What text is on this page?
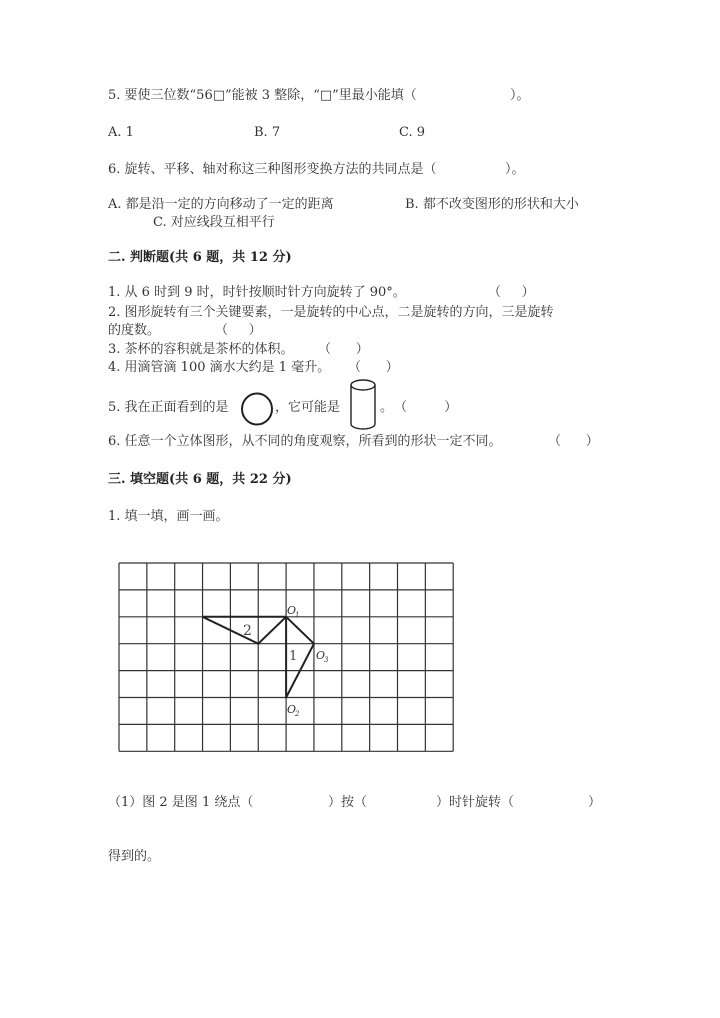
5. 要使三位数“56□”能被 3 整除，“□”里最小能填（	）。
A. 1	B. 7	C. 9
6. 旋转、平移、轴对称这三种图形变换方法的共同点是（	）。
A. 都是沿一定的方向移动了一定的距离	B. 都不改变图形的形状和大小
C. 对应线段互相平行
二. 判断题(共 6 题，共 12 分)
1. 从 6 时到 9 时，时针按顺时针方向旋转了 90°。	（     ）
2. 图形旋转有三个关键要素，一是旋转的中心点，二是旋转的方向，三是旋转
的度数。	（     ）
3. 茶杯的容积就是茶杯的体积。 （      ）
4. 用滴管滴 100 滴水大约是 1 毫升。 （      ）
5. 我在正面看到的是	，它可能是	。 （         ）
6. 任意一个立体图形，从不同的角度观察，所看到的形状一定不同。	（      ）
三. 填空题(共 6 题，共 22 分)
1. 填一填，画一画。
2
1
O
1
O
2
O
3
（1）图 2 是图 1 绕点（	）按（	）时针旋转（	）
得到的。
